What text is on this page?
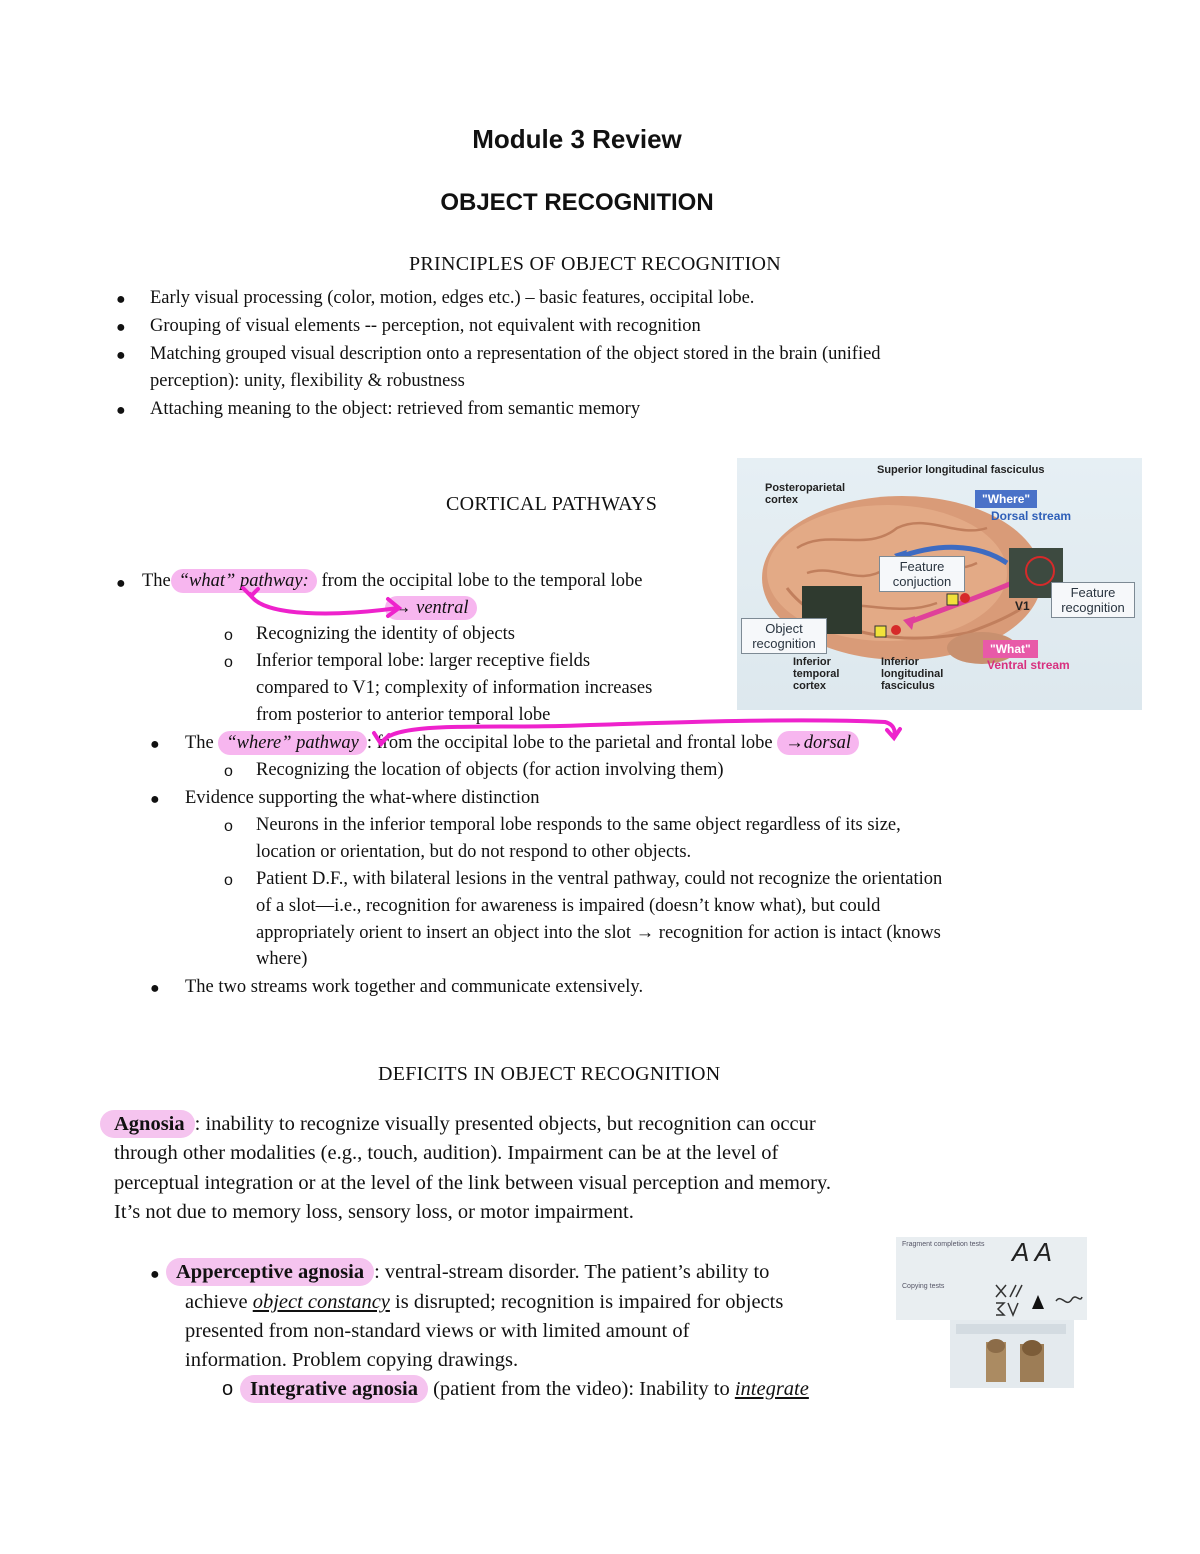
Module 3 Review
OBJECT RECOGNITION
PRINCIPLES OF OBJECT RECOGNITION
● Early visual processing (color, motion, edges etc.) – basic features, occipital lobe.
● Grouping of visual elements -- perception, not equivalent with recognition
● Matching grouped visual description onto a representation of the object stored in the brain (unified
perception): unity, flexibility & robustness
● Attaching meaning to the object: retrieved from semantic memory
CORTICAL PATHWAYS
● The “what” pathway: from the occipital lobe to the temporal lobe
→ ventral
o Recognizing the identity of objects
o Inferior temporal lobe: larger receptive fields
compared to V1; complexity of information increases
from posterior to anterior temporal lobe
● The “where” pathway : from the occipital lobe to the parietal and frontal lobe →dorsal
o Recognizing the location of objects (for action involving them)
● Evidence supporting the what-where distinction
o Neurons in the inferior temporal lobe responds to the same object regardless of its size,
location or orientation, but do not respond to other objects.
o Patient D.F., with bilateral lesions in the ventral pathway, could not recognize the orientation
of a slot—i.e., recognition for awareness is impaired (doesn’t know what), but could
appropriately orient to insert an object into the slot → recognition for action is intact (knows
where)
● The two streams work together and communicate extensively.
Superior longitudinal fasciculus
Posteroparietal cortex	"Where"
Dorsal stream
Feature conjuction
Feature recognition
V1
Object recognition	"What"
Ventral stream
Inferior temporal cortex
Inferior longitudinal fasciculus
DEFICITS IN OBJECT RECOGNITION
Agnosia : inability to recognize visually presented objects, but recognition can occur
through other modalities (e.g., touch, audition). Impairment can be at the level of
perceptual integration or at the level of the link between visual perception and memory.
It’s not due to memory loss, sensory loss, or motor impairment.
● Apperceptive agnosia : ventral-stream disorder. The patient’s ability to
achieve object constancy is disrupted; recognition is impaired for objects
presented from non-standard views or with limited amount of
information. Problem copying drawings.
o Integrative agnosia (patient from the video): Inability to integrate
Fragment completion tests A A
Copying tests
